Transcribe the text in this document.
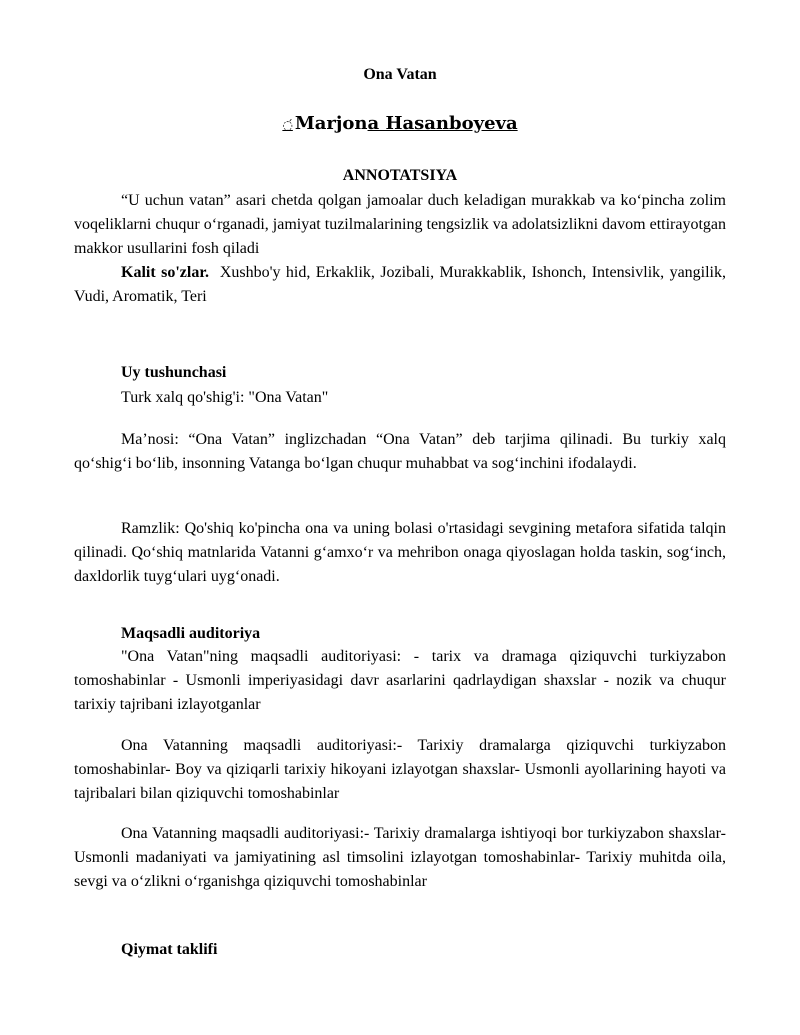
Ona Vatan
◌́ Marjona Hasanboyeva
ANNOTATSIYA
“U uchun vatan” asari chetda qolgan jamoalar duch keladigan murakkab va ko‘pincha zolim voqeliklarni chuqur o‘rganadi, jamiyat tuzilmalarining tengsizlik va adolatsizlikni davom ettirayotgan makkor usullarini fosh qiladi
Kalit so'zlar. Xushbo'y hid, Erkaklik, Jozibali, Murakkablik, Ishonch, Intensivlik, yangilik, Vudi, Aromatik, Teri
Uy tushunchasi
Turk xalq qo'shig'i: "Ona Vatan"
Ma’nosi: “Ona Vatan” inglizchadan “Ona Vatan” deb tarjima qilinadi. Bu turkiy xalq qo‘shig‘i bo‘lib, insonning Vatanga bo‘lgan chuqur muhabbat va sog‘inchini ifodalaydi.
Ramzlik: Qo'shiq ko'pincha ona va uning bolasi o'rtasidagi sevgining metafora sifatida talqin qilinadi. Qo‘shiq matnlarida Vatanni g‘amxo‘r va mehribon onaga qiyoslagan holda taskin, sog‘inch, daxldorlik tuyg‘ulari uyg‘onadi.
Maqsadli auditoriya
"Ona Vatan"ning maqsadli auditoriyasi: - tarix va dramaga qiziquvchi turkiyzabon tomoshabinlar - Usmonli imperiyasidagi davr asarlarini qadrlaydigan shaxslar - nozik va chuqur tarixiy tajribani izlayotganlar
Ona Vatanning maqsadli auditoriyasi:- Tarixiy dramalarga qiziquvchi turkiyzabon tomoshabinlar- Boy va qiziqarli tarixiy hikoyani izlayotgan shaxslar- Usmonli ayollarining hayoti va tajribalari bilan qiziquvchi tomoshabinlar
Ona Vatanning maqsadli auditoriyasi:- Tarixiy dramalarga ishtiyoqi bor turkiyzabon shaxslar- Usmonli madaniyati va jamiyatining asl timsolini izlayotgan tomoshabinlar- Tarixiy muhitda oila, sevgi va o‘zlikni o‘rganishga qiziquvchi tomoshabinlar
Qiymat taklifi
